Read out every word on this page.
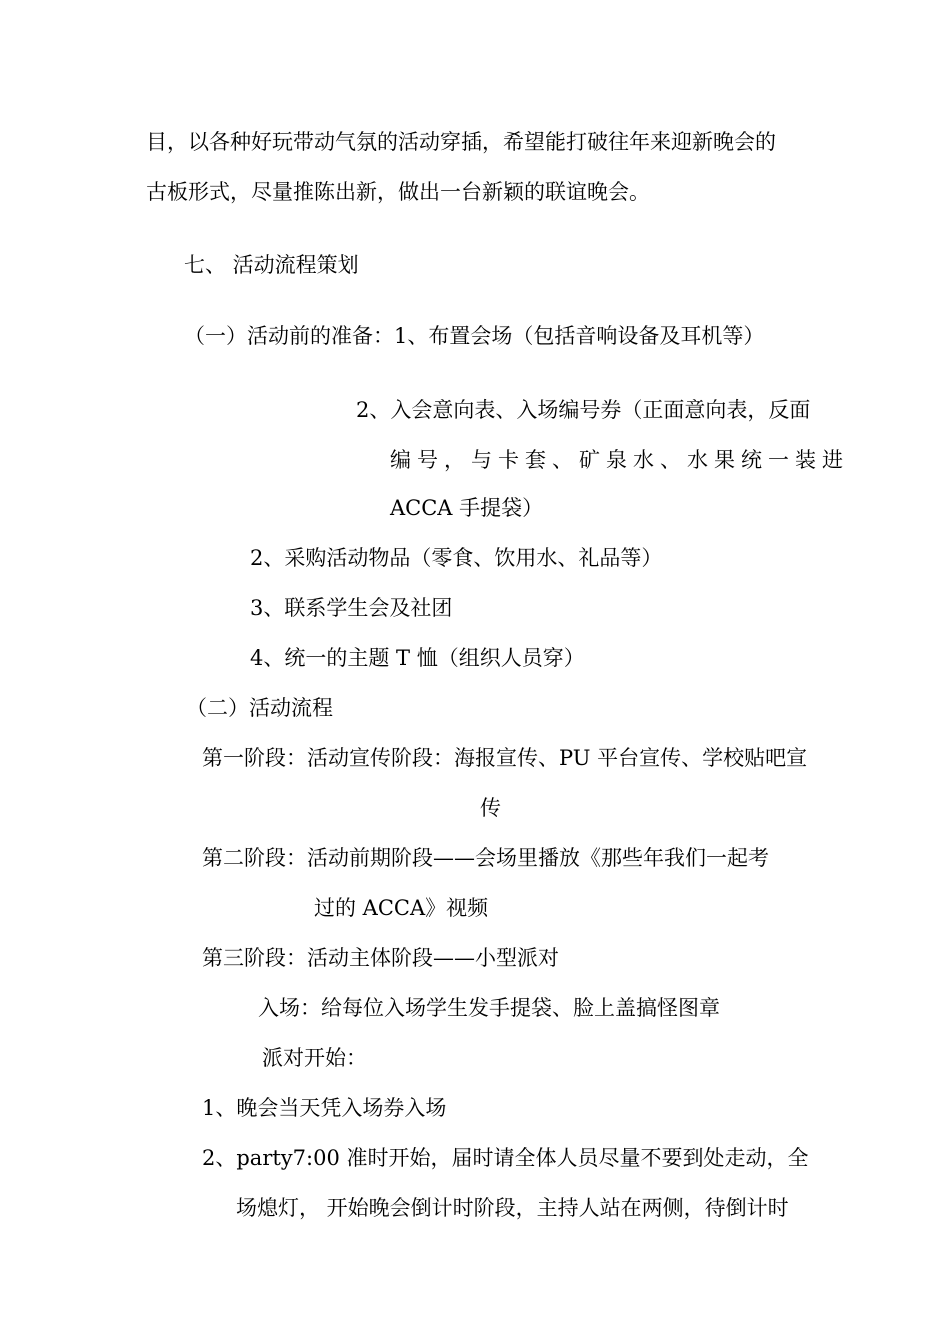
目，以各种好玩带动气氛的活动穿插，希望能打破往年来迎新晚会的
古板形式，尽量推陈出新，做出一台新颖的联谊晚会。
七、 活动流程策划
（一）活动前的准备：1、布置会场（包括音响设备及耳机等）
2、入会意向表、入场编号券（正面意向表，反面
编号，与卡套、矿泉水、水果统一装进
ACCA 手提袋）
2、采购活动物品（零食、饮用水、礼品等）
3、联系学生会及社团
4、统一的主题 T 恤（组织人员穿）
（二）活动流程
第一阶段：活动宣传阶段：海报宣传、PU 平台宣传、学校贴吧宣
传
第二阶段：活动前期阶段——会场里播放《那些年我们一起考
过的 ACCA》视频
第三阶段：活动主体阶段——小型派对
入场：给每位入场学生发手提袋、脸上盖搞怪图章
派对开始：
1、晚会当天凭入场券入场
2、party7:00 准时开始，届时请全体人员尽量不要到处走动，全
场熄灯， 开始晚会倒计时阶段，主持人站在两侧，待倒计时
